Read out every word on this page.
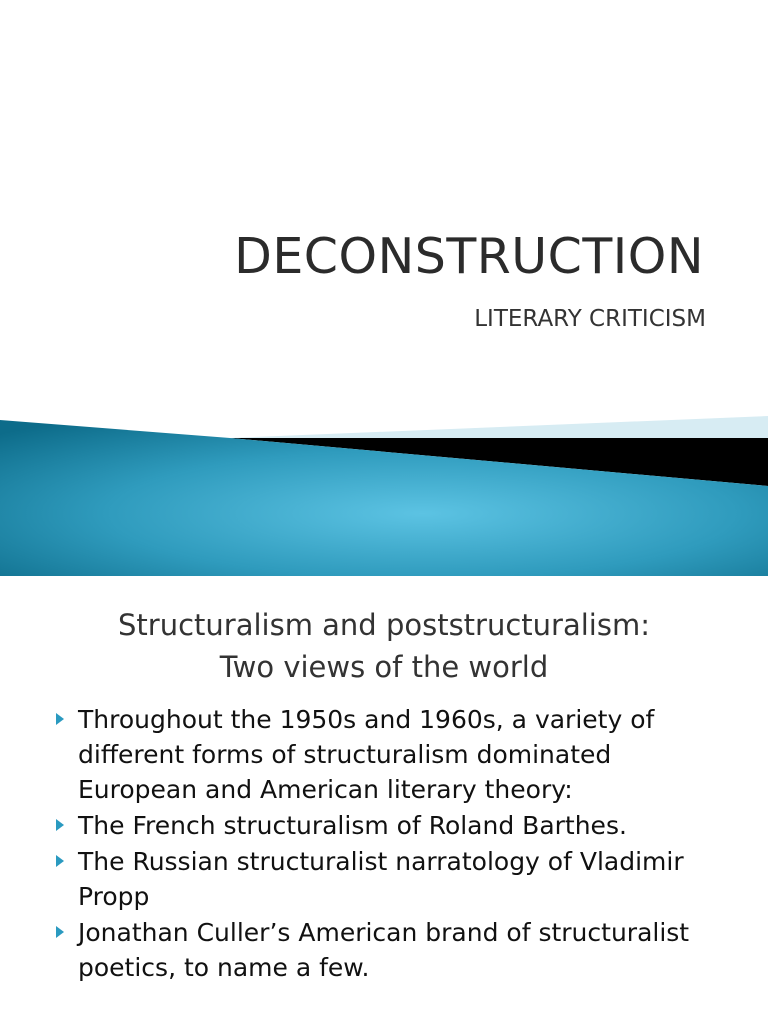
DECONSTRUCTION
LITERARY CRITICISM
Structuralism and poststructuralism:
Two views of the world
Throughout the 1950s and 1960s, a variety of different forms of structuralism dominated European and American literary theory:
The French structuralism of Roland Barthes.
The Russian structuralist narratology of Vladimir Propp
Jonathan Culler’s American brand of structuralist poetics, to name a few.
